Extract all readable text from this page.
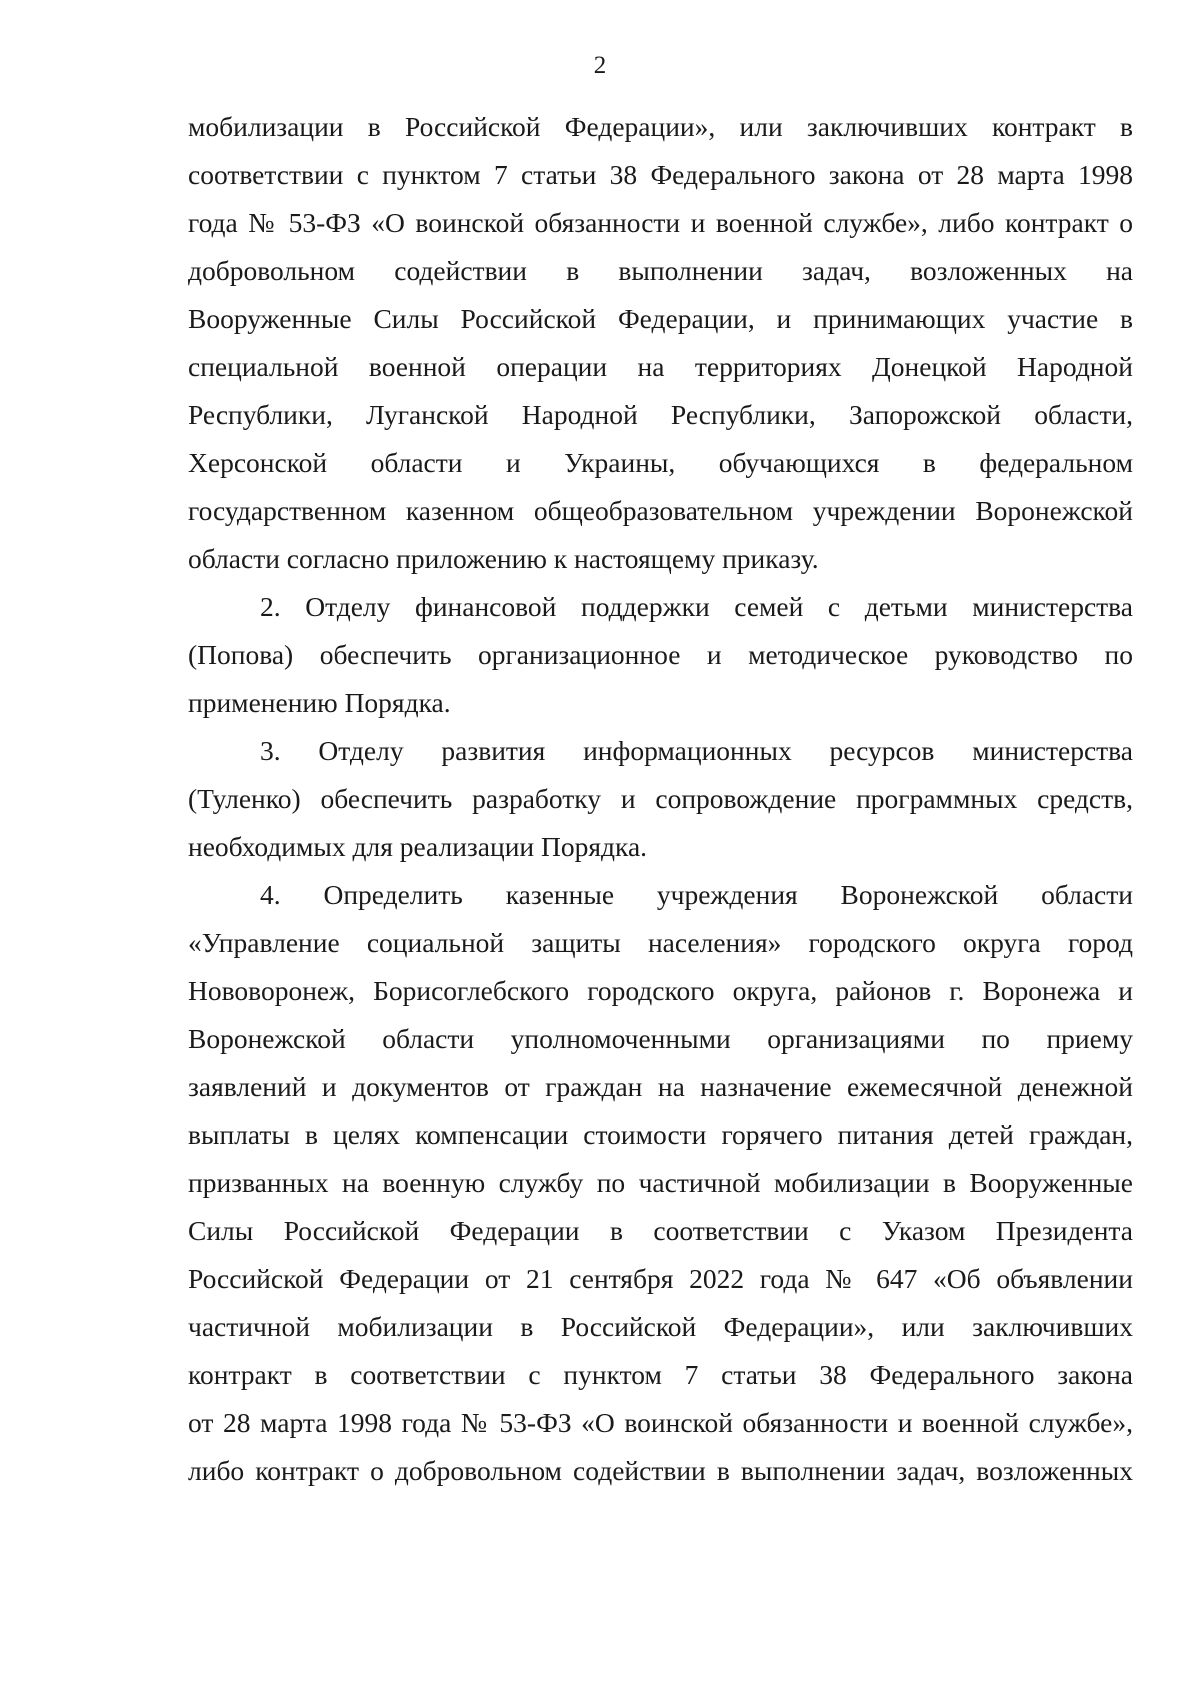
2
мобилизации в Российской Федерации», или заключивших контракт в
соответствии с пунктом 7 статьи 38 Федерального закона от 28 марта 1998
года № 53-ФЗ «О воинской обязанности и военной службе», либо контракт о
добровольном содействии в выполнении задач, возложенных на
Вооруженные Силы Российской Федерации, и принимающих участие в
специальной военной операции на территориях Донецкой Народной
Республики, Луганской Народной Республики, Запорожской области,
Херсонской области и Украины, обучающихся в федеральном
государственном казенном общеобразовательном учреждении Воронежской
области согласно приложению к настоящему приказу.
2. Отделу финансовой поддержки семей с детьми министерства
(Попова) обеспечить организационное и методическое руководство по
применению Порядка.
3. Отделу развития информационных ресурсов министерства
(Туленко) обеспечить разработку и сопровождение программных средств,
необходимых для реализации Порядка.
4. Определить казенные учреждения Воронежской области
«Управление социальной защиты населения» городского округа город
Нововоронеж, Борисоглебского городского округа, районов г. Воронежа и
Воронежской области уполномоченными организациями по приему
заявлений и документов от граждан на назначение ежемесячной денежной
выплаты в целях компенсации стоимости горячего питания детей граждан,
призванных на военную службу по частичной мобилизации в Вооруженные
Силы Российской Федерации в соответствии с Указом Президента
Российской Федерации от 21 сентября 2022 года № 647 «Об объявлении
частичной мобилизации в Российской Федерации», или заключивших
контракт в соответствии с пунктом 7 статьи 38 Федерального закона
от 28 марта 1998 года № 53-ФЗ «О воинской обязанности и военной службе»,
либо контракт о добровольном содействии в выполнении задач, возложенных
